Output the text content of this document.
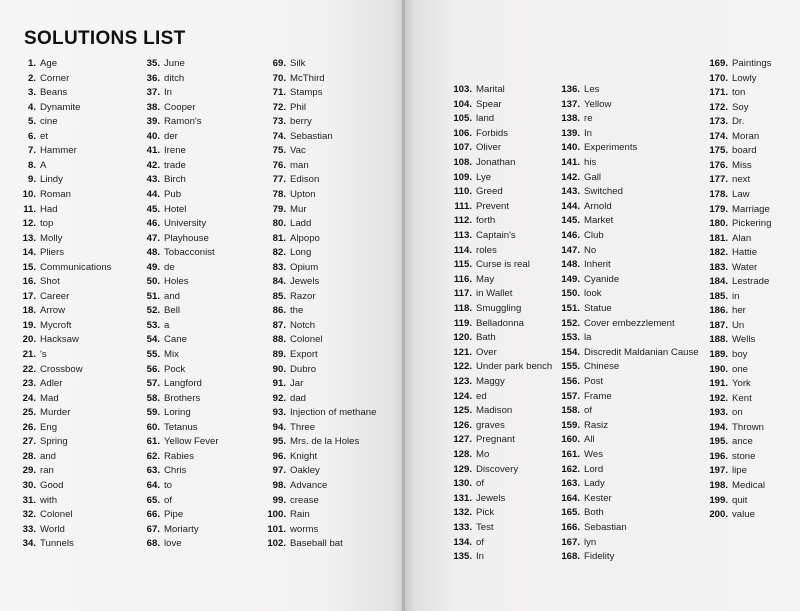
SOLUTIONS LIST
1. Age
2. Corner
3. Beans
4. Dynamite
5. cine
6. et
7. Hammer
8. A
9. Lindy
10. Roman
11. Had
12. top
13. Molly
14. Pliers
15. Communications
16. Shot
17. Career
18. Arrow
19. Mycroft
20. Hacksaw
21. 's
22. Crossbow
23. Adler
24. Mad
25. Murder
26. Eng
27. Spring
28. and
29. ran
30. Good
31. with
32. Colonel
33. World
34. Tunnels
35. June
36. ditch
37. In
38. Cooper
39. Ramon's
40. der
41. Irene
42. trade
43. Birch
44. Pub
45. Hotel
46. University
47. Playhouse
48. Tobacconist
49. de
50. Holes
51. and
52. Bell
53. a
54. Cane
55. Mix
56. Pock
57. Langford
58. Brothers
59. Loring
60. Tetanus
61. Yellow Fever
62. Rabies
63. Chris
64. to
65. of
66. Pipe
67. Moriarty
68. love
69. Silk
70. McThird
71. Stamps
72. Phil
73. berry
74. Sebastian
75. Vac
76. man
77. Edison
78. Upton
79. Mur
80. Ladd
81. Alpopo
82. Long
83. Opium
84. Jewels
85. Razor
86. the
87. Notch
88. Colonel
89. Export
90. Dubro
91. Jar
92. dad
93. Injection of methane
94. Three
95. Mrs. de la Holes
96. Knight
97. Oakley
98. Advance
99. crease
100. Rain
101. worms
102. Baseball bat
103. Marital
104. Spear
105. land
106. Forbids
107. Oliver
108. Jonathan
109. Lye
110. Greed
111. Prevent
112. forth
113. Captain's
114. roles
115. Curse is real
116. May
117. in Wallet
118. Smuggling
119. Belladonna
120. Bath
121. Over
122. Under park bench
123. Maggy
124. ed
125. Madison
126. graves
127. Pregnant
128. Mo
129. Discovery
130. of
131. Jewels
132. Pick
133. Test
134. of
135. In
136. Les
137. Yellow
138. re
139. In
140. Experiments
141. his
142. Gall
143. Switched
144. Arnold
145. Market
146. Club
147. No
148. Inherit
149. Cyanide
150. look
151. Statue
152. Cover embezzlement
153. la
154. Discredit Maldanian Cause
155. Chinese
156. Post
157. Frame
158. of
159. Rasiz
160. All
161. Wes
162. Lord
163. Lady
164. Kester
165. Both
166. Sebastian
167. lyn
168. Fidelity
169. Paintings
170. Lowly
171. ton
172. Soy
173. Dr.
174. Moran
175. board
176. Miss
177. next
178. Law
179. Marriage
180. Pickering
181. Alan
182. Hattie
183. Water
184. Lestrade
185. in
186. her
187. Un
188. Wells
189. boy
190. one
191. York
192. Kent
193. on
194. Thrown
195. ance
196. stone
197. lipe
198. Medical
199. quit
200. value
